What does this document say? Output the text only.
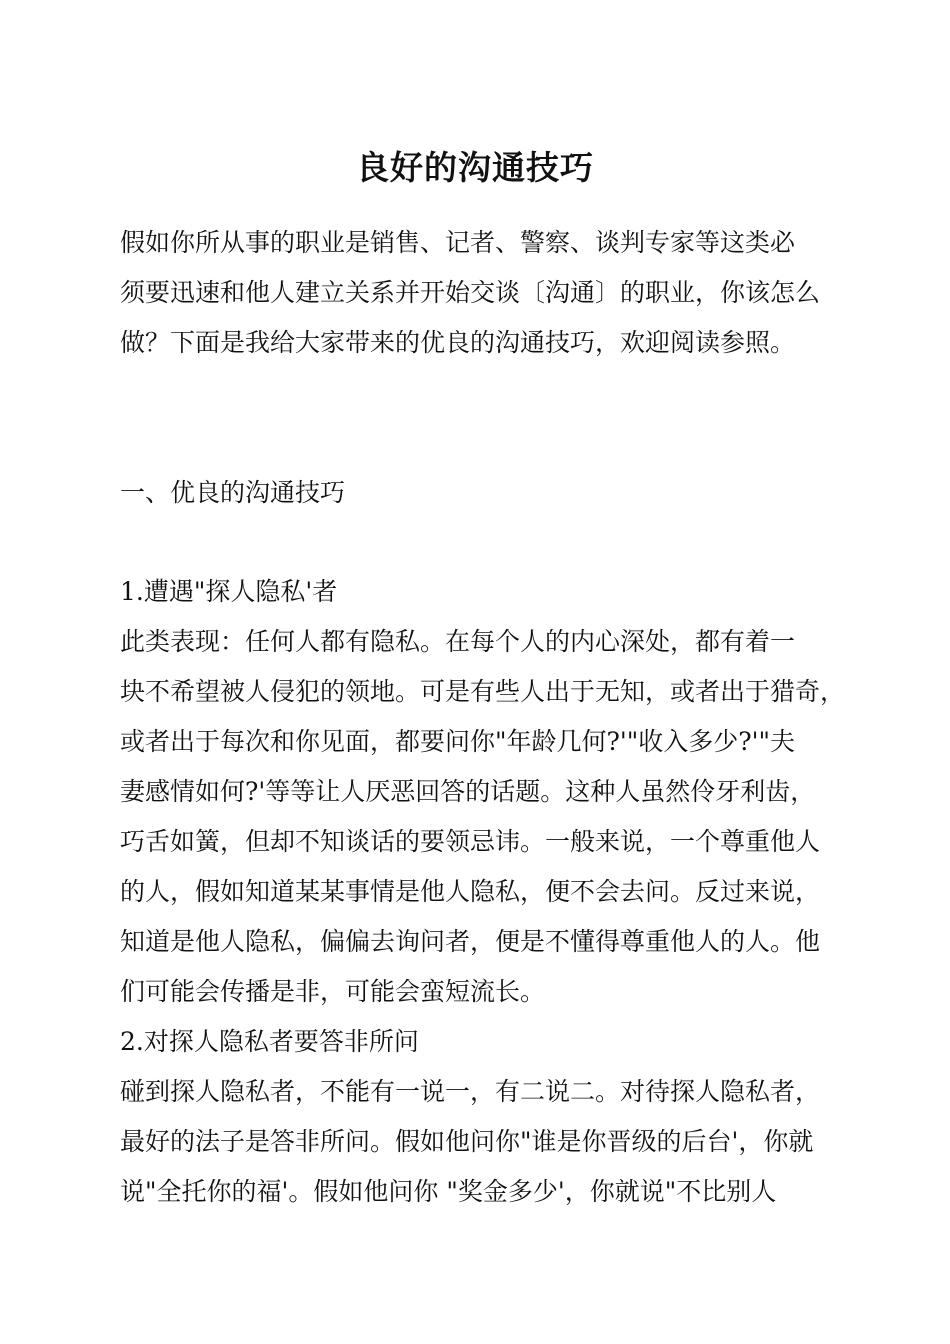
良好的沟通技巧
假如你所从事的职业是销售、记者、警察、谈判专家等这类必
须要迅速和他人建立关系并开始交谈〔沟通〕的职业，你该怎么
做？下面是我给大家带来的优良的沟通技巧，欢迎阅读参照。
一、优良的沟通技巧
1.遭遇"探人隐私'者
此类表现：任何人都有隐私。在每个人的内心深处，都有着一
块不希望被人侵犯的领地。可是有些人出于无知，或者出于猎奇，
或者出于每次和你见面，都要问你"年龄几何?'"收入多少?'"夫
妻感情如何?'等等让人厌恶回答的话题。这种人虽然伶牙利齿，
巧舌如簧，但却不知谈话的要领忌讳。一般来说，一个尊重他人
的人，假如知道某某事情是他人隐私，便不会去问。反过来说，
知道是他人隐私，偏偏去询问者，便是不懂得尊重他人的人。他
们可能会传播是非，可能会蛮短流长。
2.对探人隐私者要答非所问
碰到探人隐私者，不能有一说一，有二说二。对待探人隐私者，
最好的法子是答非所问。假如他问你"谁是你晋级的后台'，你就
说"全托你的福'。假如他问你 "奖金多少'，你就说"不比别人
